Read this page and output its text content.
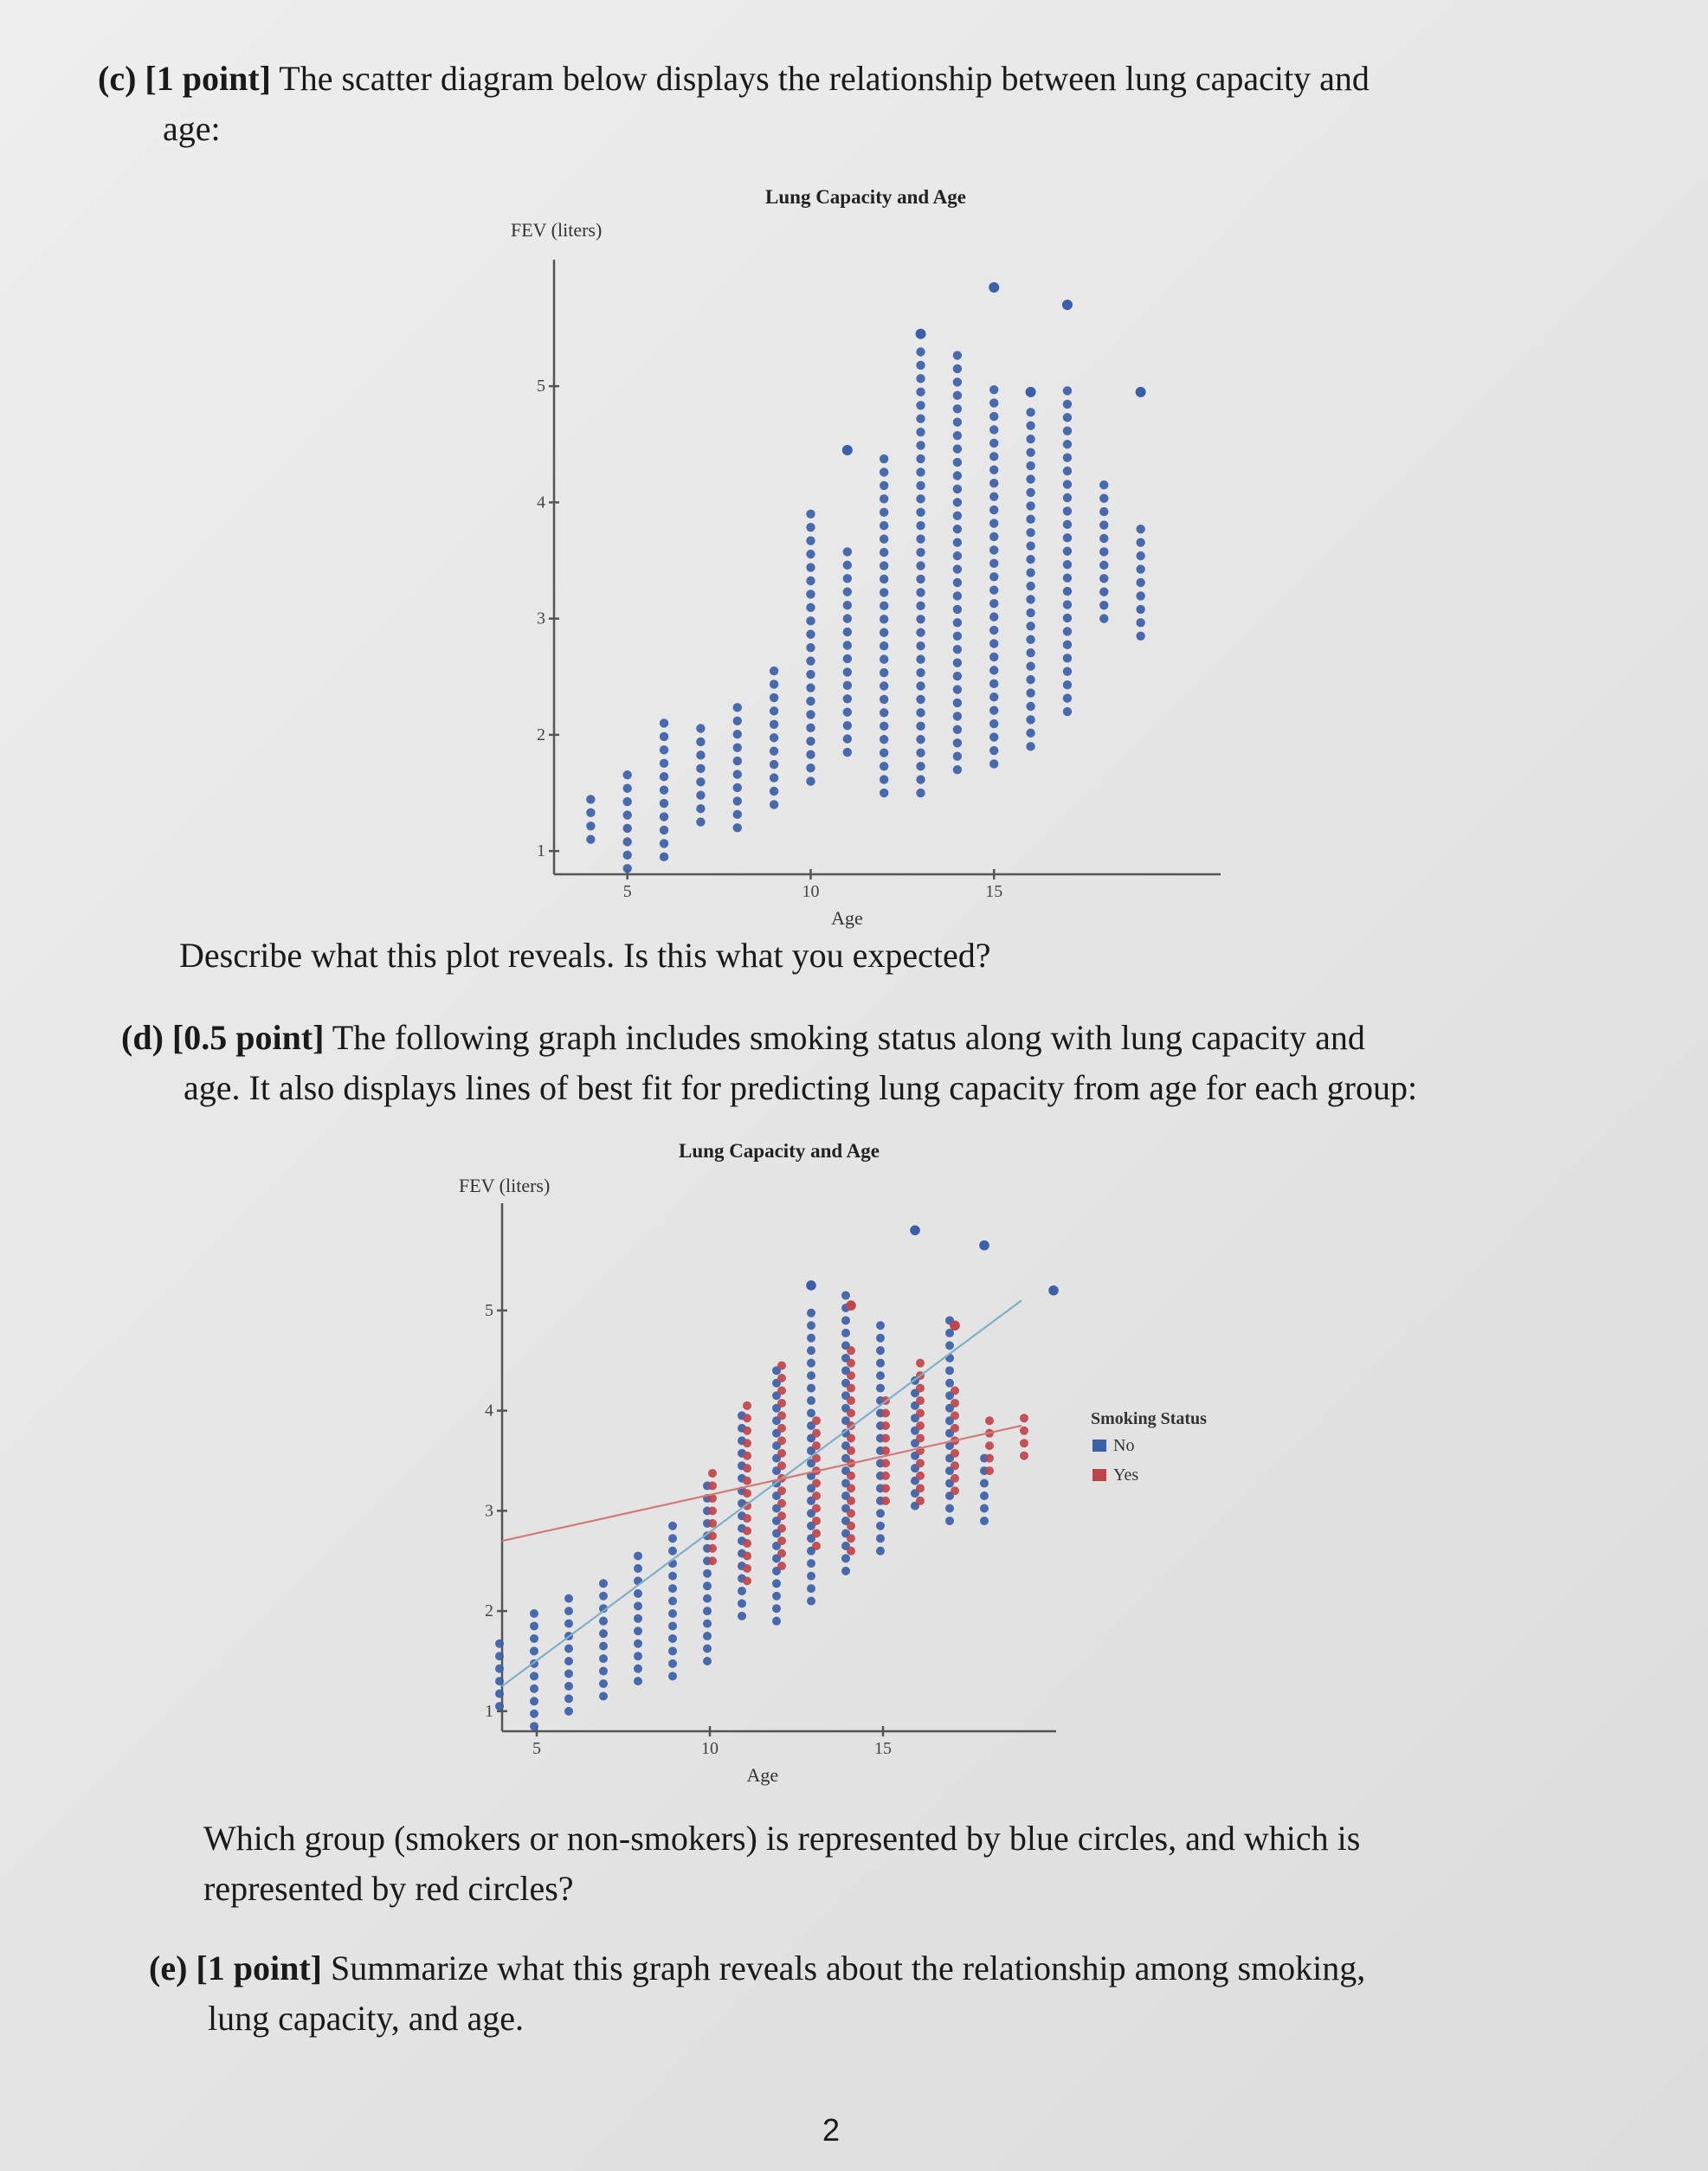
(c) [1 point] The scatter diagram below displays the relationship between lung capacity and
age:
Lung Capacity and Age
FEV (liters)
1
2
3
4
5
5	10	15
Age
Describe what this plot reveals. Is this what you expected?
(d) [0.5 point] The following graph includes smoking status along with lung capacity and
age. It also displays lines of best fit for predicting lung capacity from age for each group:
Lung Capacity and Age
FEV (liters)
1
2
3
4
5
5	10	15
Age
Smoking Status
No
Yes
Which group (smokers or non-smokers) is represented by blue circles, and which is
represented by red circles?
(e) [1 point] Summarize what this graph reveals about the relationship among smoking,
lung capacity, and age.
2
